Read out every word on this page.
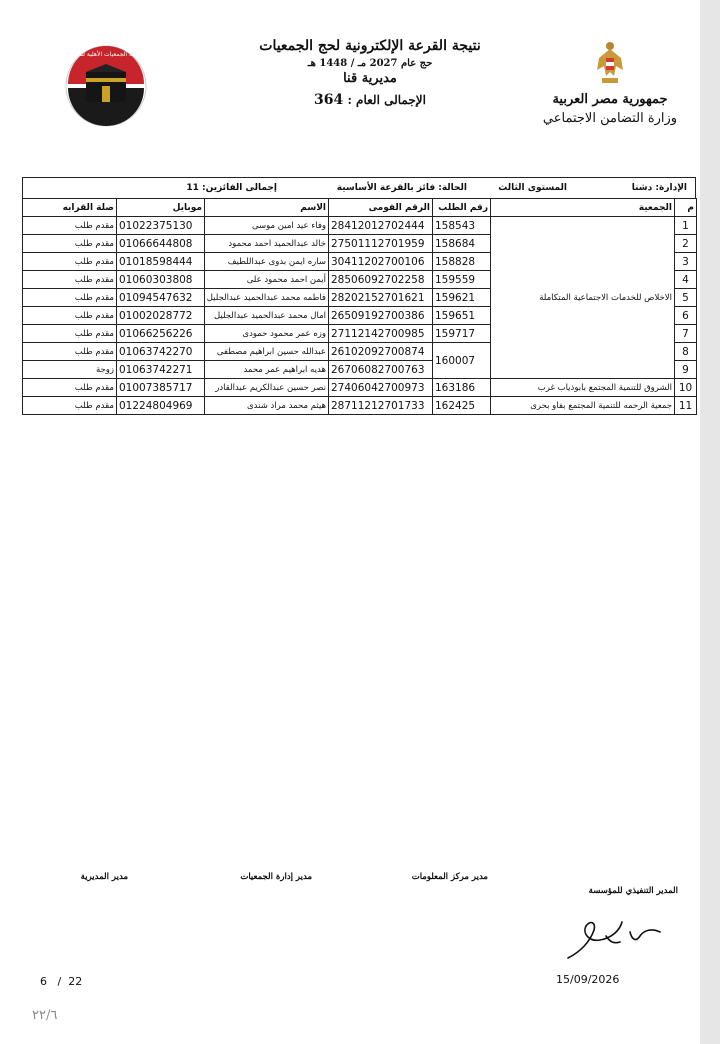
بعثة الجمعيات الأهلية للحج
نتيجة القرعة الإلكترونية لحج الجمعيات
حج عام 2027 مـ / 1448 هـ
مديرية قنا
الإجمالى العام : 364	جمهورية مصر العربية
وزارة التضامن الاجتماعي
الإدارة: دشنا
المستوى الثالث
الحالة: فائز بالقرعة الأساسية
إجمالى الفائزين: 11
م	الجمعية	رقم الطلب	الرقم القومى	الاسم	موبايل	صلة القرابه
1	الاخلاص للخدمات الاجتماعية المتكاملة	158543	28412012702444	وفاء عيد امين موسى	01022375130	مقدم طلب
2		158684	27501112701959	خالد عبدالحميد احمد محمود	01066644808	مقدم طلب
3		158828	30411202700106	ساره ايمن بدوى عبداللطيف	01018598444	مقدم طلب
4		159559	28506092702258	أيمن احمد محمود على	01060303808	مقدم طلب
5		159621	28202152701621	فاطمه محمد عبدالحميد عبدالجليل	01094547632	مقدم طلب
6		159651	26509192700386	امال محمد عبدالحميد عبدالجليل	01002028772	مقدم طلب
7		159717	27112142700985	وزه عمر محمود حمودى	01066256226	مقدم طلب
8		160007	26102092700874	عبدالله حسين ابراهيم مصطفى	01063742270	مقدم طلب
9			26706082700763	هديه ابراهيم عمر محمد	01063742271	زوجة
10	الشروق للتنمية المجتمع بابوذياب غرب	163186	27406042700973	نصر حسين عبدالكريم عبدالقادر	01007385717	مقدم طلب
11	جمعية الرحمه للتنمية المجتمع بفاو بحرى	162425	28711212701733	هيثم محمد مراد شندى	01224804969	مقدم طلب
المدير التنفيذي للمؤسسة
مدير مركز المعلومات
مدير إدارة الجمعيات
مدير المديرية
6 / 22	15/09/2026
٢٢/٦
